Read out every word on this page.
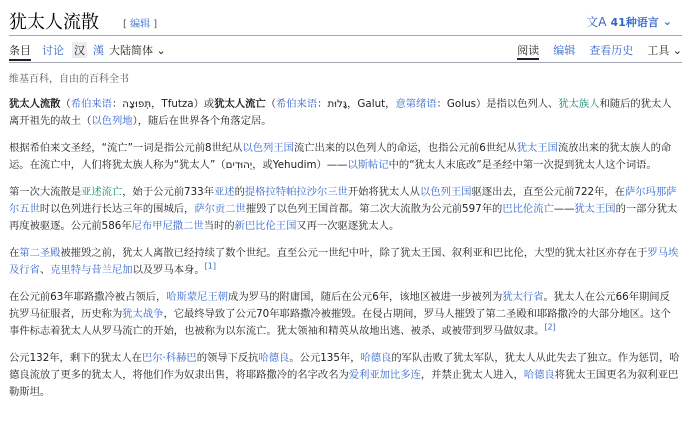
犹太人流散 [ 编辑 ]	文A 41种语言 ⌄
条目 讨论 汉 漢 大陆简体 ⌄	阅读 编辑 查看历史 工具 ⌄
维基百科，自由的百科全书

犹太人流散（希伯来语：תְּפוּצָה，Tfutza）或犹太人流亡（希伯来语：גָּלוּת，Galut，意第绪语：Golus）是指以色列人、犹太族人和随后的犹太人离开祖先的故土（以色列地），随后在世界各个角落定居。

根据希伯来文圣经，“流亡”一词是指公元前8世纪从以色列王国流亡出来的以色列人的命运，也指公元前6世纪从犹太王国流放出来的犹太族人的命运。在流亡中，人们将犹太族人称为“犹太人”（יְהוּדִים，或Yehudim）——以斯帖记中的“犹太人末底改”是圣经中第一次提到犹太人这个词语。

第一次大流散是亚述流亡，始于公元前733年亚述的提格拉特帕拉沙尔三世开始将犹太人从以色列王国驱逐出去，直至公元前722年，在萨尔玛那萨尔五世时以色列进行长达三年的围城后，萨尔贡二世摧毁了以色列王国首都。第二次大流散为公元前597年的巴比伦流亡——犹太王国的一部分犹太再度被驱逐。公元前586年尼布甲尼撒二世当时的新巴比伦王国又再一次驱逐犹太人。

在第二圣殿被摧毁之前，犹太人离散已经持续了数个世纪。直至公元一世纪中叶，除了犹太王国、叙利亚和巴比伦，大型的犹太社区亦存在于罗马埃及行省、克里特与昔兰尼加以及罗马本身。[1]

在公元前63年耶路撒冷被占领后，哈斯蒙尼王朝成为罗马的附庸国，随后在公元6年，该地区被进一步被列为犹太行省。犹太人在公元66年期间反抗罗马征服者，历史称为犹太战争，它最终导致了公元70年耶路撒冷被摧毁。在侵占期间，罗马人摧毁了第二圣殿和耶路撒冷的大部分地区。这个事件标志着犹太人从罗马流亡的开始，也被称为以东流亡。犹太领袖和精英从故地出逃、被杀、或被带到罗马做奴隶。[2]

公元132年，剩下的犹太人在巴尔·科赫巴的领导下反抗哈德良。公元135年，哈德良的军队击败了犹太军队，犹太人从此失去了独立。作为惩罚，哈德良流放了更多的犹太人，将他们作为奴隶出售，将耶路撒冷的名字改名为爱利亚加比多连，并禁止犹太人进入，哈德良将犹太王国更名为叙利亚巴勒斯坦。
